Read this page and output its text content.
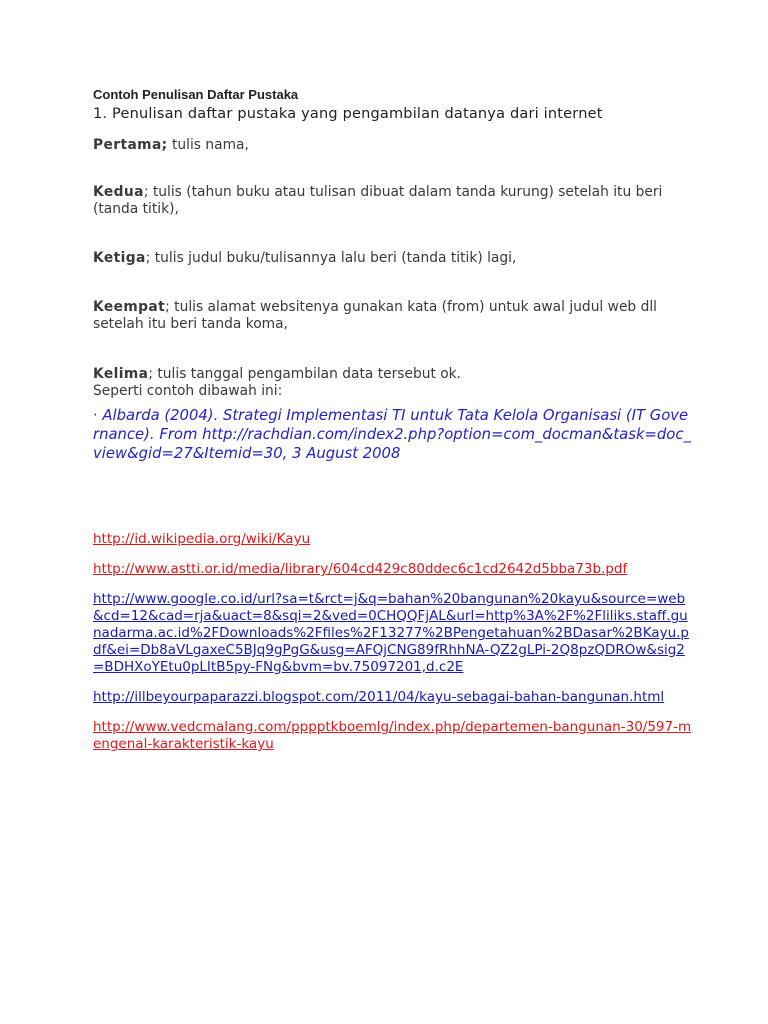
Contoh Penulisan Daftar Pustaka

1. Penulisan daftar pustaka yang pengambilan datanya dari internet

Pertama; tulis nama,

Kedua; tulis (tahun buku atau tulisan dibuat dalam tanda kurung) setelah itu beri (tanda titik),

Ketiga; tulis judul buku/tulisannya lalu beri (tanda titik) lagi,

Keempat; tulis alamat websitenya gunakan kata (from) untuk awal judul web dll setelah itu beri tanda koma,

Kelima; tulis tanggal pengambilan data tersebut ok.

Seperti contoh dibawah ini:

· Albarda (2004). Strategi Implementasi TI untuk Tata Kelola Organisasi (IT Governance). From http://rachdian.com/index2.php?option=com_docman&task=doc_view&gid=27&Itemid=30, 3 August 2008
http://id.wikipedia.org/wiki/Kayu
http://www.astti.or.id/media/library/604cd429c80ddec6c1cd2642d5bba73b.pdf
http://www.google.co.id/url?sa=t&rct=j&q=bahan%20bangunan%20kayu&source=web&cd=12&cad=rja&uact=8&sqi=2&ved=0CHQQFjAL&url=http%3A%2F%2Fliliks.staff.gunadarma.ac.id%2FDownloads%2Ffiles%2F13277%2BPengetahuan%2BDasar%2BKayu.pdf&ei=Db8aVLgaxeC5BJq9gPgG&usg=AFQjCNG89fRhhNA-QZ2gLPi-2Q8pzQDROw&sig2=BDHXoYEtu0pLItB5py-FNg&bvm=bv.75097201,d.c2E
http://illbeyourpaparazzi.blogspot.com/2011/04/kayu-sebagai-bahan-bangunan.html
http://www.vedcmalang.com/pppptkboemlg/index.php/departemen-bangunan-30/597-mengenal-karakteristik-kayu
